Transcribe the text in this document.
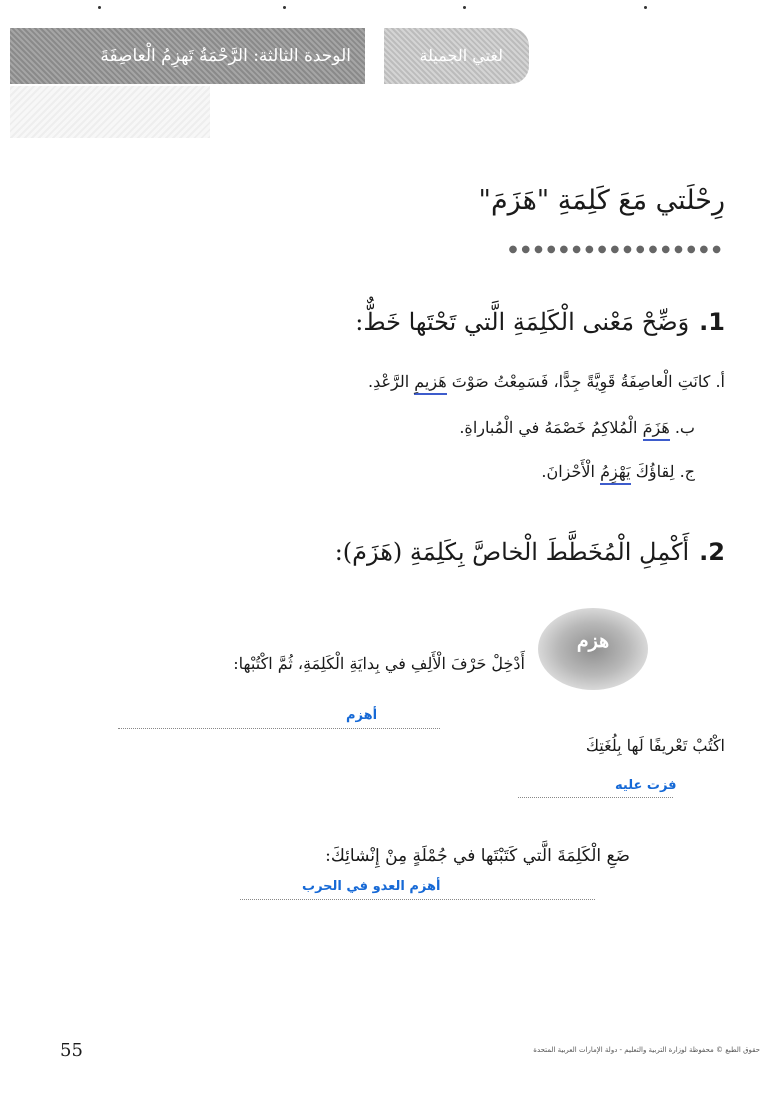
الوحدة الثالثة: الرَّحْمَةُ تَهزِمُ الْعاصِفَةَ	لغتي الجميلة
رِحْلَتي مَعَ كَلِمَةِ "هَزَمَ"
●●●●●●●●●●●●●●●●●
1.
وَضِّحْ مَعْنى الْكَلِمَةِ الَّتي تَحْتَها خَطٌّ:
أ. كانَتِ الْعاصِفَةُ قَوِيَّةً جِدًّا، فَسَمِعْتُ صَوْتَ هَزيمِ الرَّعْدِ.
ب. هَزَمَ الْمُلاكِمُ خَصْمَهُ في الْمُباراةِ.
ج. لِقاؤُكَ يَهْزِمُ الْأَحْزانَ.
2.
أَكْمِلِ الْمُخَطَّطَ الْخاصَّ بِكَلِمَةِ (هَزَمَ):
هزم
أَدْخِلْ حَرْفَ الْأَلِفِ في بِدايَةِ الْكَلِمَةِ، ثُمَّ اكْتُبْها:
أهزم
اكْتُبْ تَعْريفًا لَها بِلُغَتِكَ
فزت عليه
ضَعِ الْكَلِمَةَ الَّتي كَتَبْتَها في جُمْلَةٍ مِنْ إِنْشائِكَ:
أهزم العدو في الحرب
55	حقوق الطبع © محفوظة لوزارة التربية والتعليم - دولة الإمارات العربية المتحدة
